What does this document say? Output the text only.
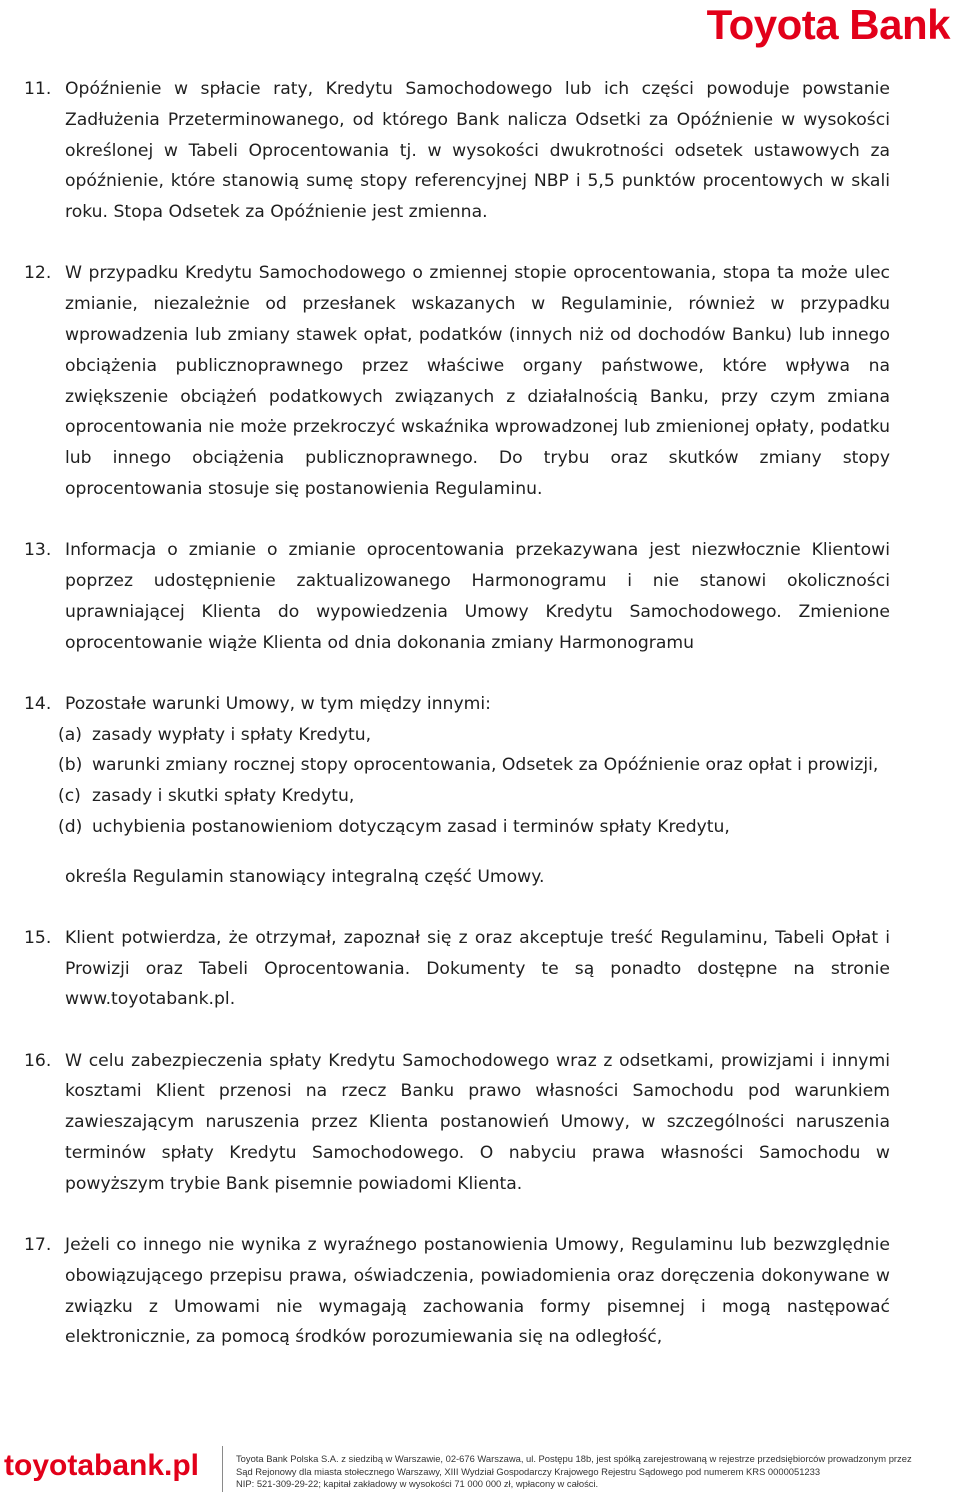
Toyota Bank
11. Opóźnienie w spłacie raty, Kredytu Samochodowego lub ich części powoduje powstanie Zadłużenia Przeterminowanego, od którego Bank nalicza Odsetki za Opóźnienie w wysokości określonej w Tabeli Oprocentowania tj. w wysokości dwukrotności odsetek ustawowych za opóźnienie, które stanowią sumę stopy referencyjnej NBP i 5,5 punktów procentowych w skali roku. Stopa Odsetek za Opóźnienie jest zmienna.
12. W przypadku Kredytu Samochodowego o zmiennej stopie oprocentowania, stopa ta może ulec zmianie, niezależnie od przesłanek wskazanych w Regulaminie, również w przypadku wprowadzenia lub zmiany stawek opłat, podatków (innych niż od dochodów Banku) lub innego obciążenia publicznoprawnego przez właściwe organy państwowe, które wpływa na zwiększenie obciążeń podatkowych związanych z działalnością Banku, przy czym zmiana oprocentowania nie może przekroczyć wskaźnika wprowadzonej lub zmienionej opłaty, podatku lub innego obciążenia publicznoprawnego. Do trybu oraz skutków zmiany stopy oprocentowania stosuje się postanowienia Regulaminu.
13. Informacja o zmianie o zmianie oprocentowania przekazywana jest niezwłocznie Klientowi poprzez udostępnienie zaktualizowanego Harmonogramu i nie stanowi okoliczności uprawniającej Klienta do wypowiedzenia Umowy Kredytu Samochodowego. Zmienione oprocentowanie wiąże Klienta od dnia dokonania zmiany Harmonogramu
14. Pozostałe warunki Umowy, w tym między innymi:
(a) zasady wypłaty i spłaty Kredytu,
(b) warunki zmiany rocznej stopy oprocentowania, Odsetek za Opóźnienie oraz opłat i prowizji,
(c) zasady i skutki spłaty Kredytu,
(d) uchybienia postanowieniom dotyczącym zasad i terminów spłaty Kredytu,
określa Regulamin stanowiący integralną część Umowy.
15. Klient potwierdza, że otrzymał, zapoznał się z oraz akceptuje treść Regulaminu, Tabeli Opłat i Prowizji oraz Tabeli Oprocentowania. Dokumenty te są ponadto dostępne na stronie www.toyotabank.pl.
16. W celu zabezpieczenia spłaty Kredytu Samochodowego wraz z odsetkami, prowizjami i innymi kosztami Klient przenosi na rzecz Banku prawo własności Samochodu pod warunkiem zawieszającym naruszenia przez Klienta postanowień Umowy, w szczególności naruszenia terminów spłaty Kredytu Samochodowego. O nabyciu prawa własności Samochodu w powyższym trybie Bank pisemnie powiadomi Klienta.
17. Jeżeli co innego nie wynika z wyraźnego postanowienia Umowy, Regulaminu lub bezwzględnie obowiązującego przepisu prawa, oświadczenia, powiadomienia oraz doręczenia dokonywane w związku z Umowami nie wymagają zachowania formy pisemnej i mogą następować elektronicznie, za pomocą środków porozumiewania się na odległość,
toyotabank.pl	Toyota Bank Polska S.A. z siedzibą w Warszawie, 02-676 Warszawa, ul. Postępu 18b, jest spółką zarejestrowaną w rejestrze przedsiębiorców prowadzonym przez
Sąd Rejonowy dla miasta stołecznego Warszawy, XIII Wydział Gospodarczy Krajowego Rejestru Sądowego pod numerem KRS 0000051233
NIP: 521-309-29-22; kapitał zakładowy w wysokości 71 000 000 zł, wpłacony w całości.
